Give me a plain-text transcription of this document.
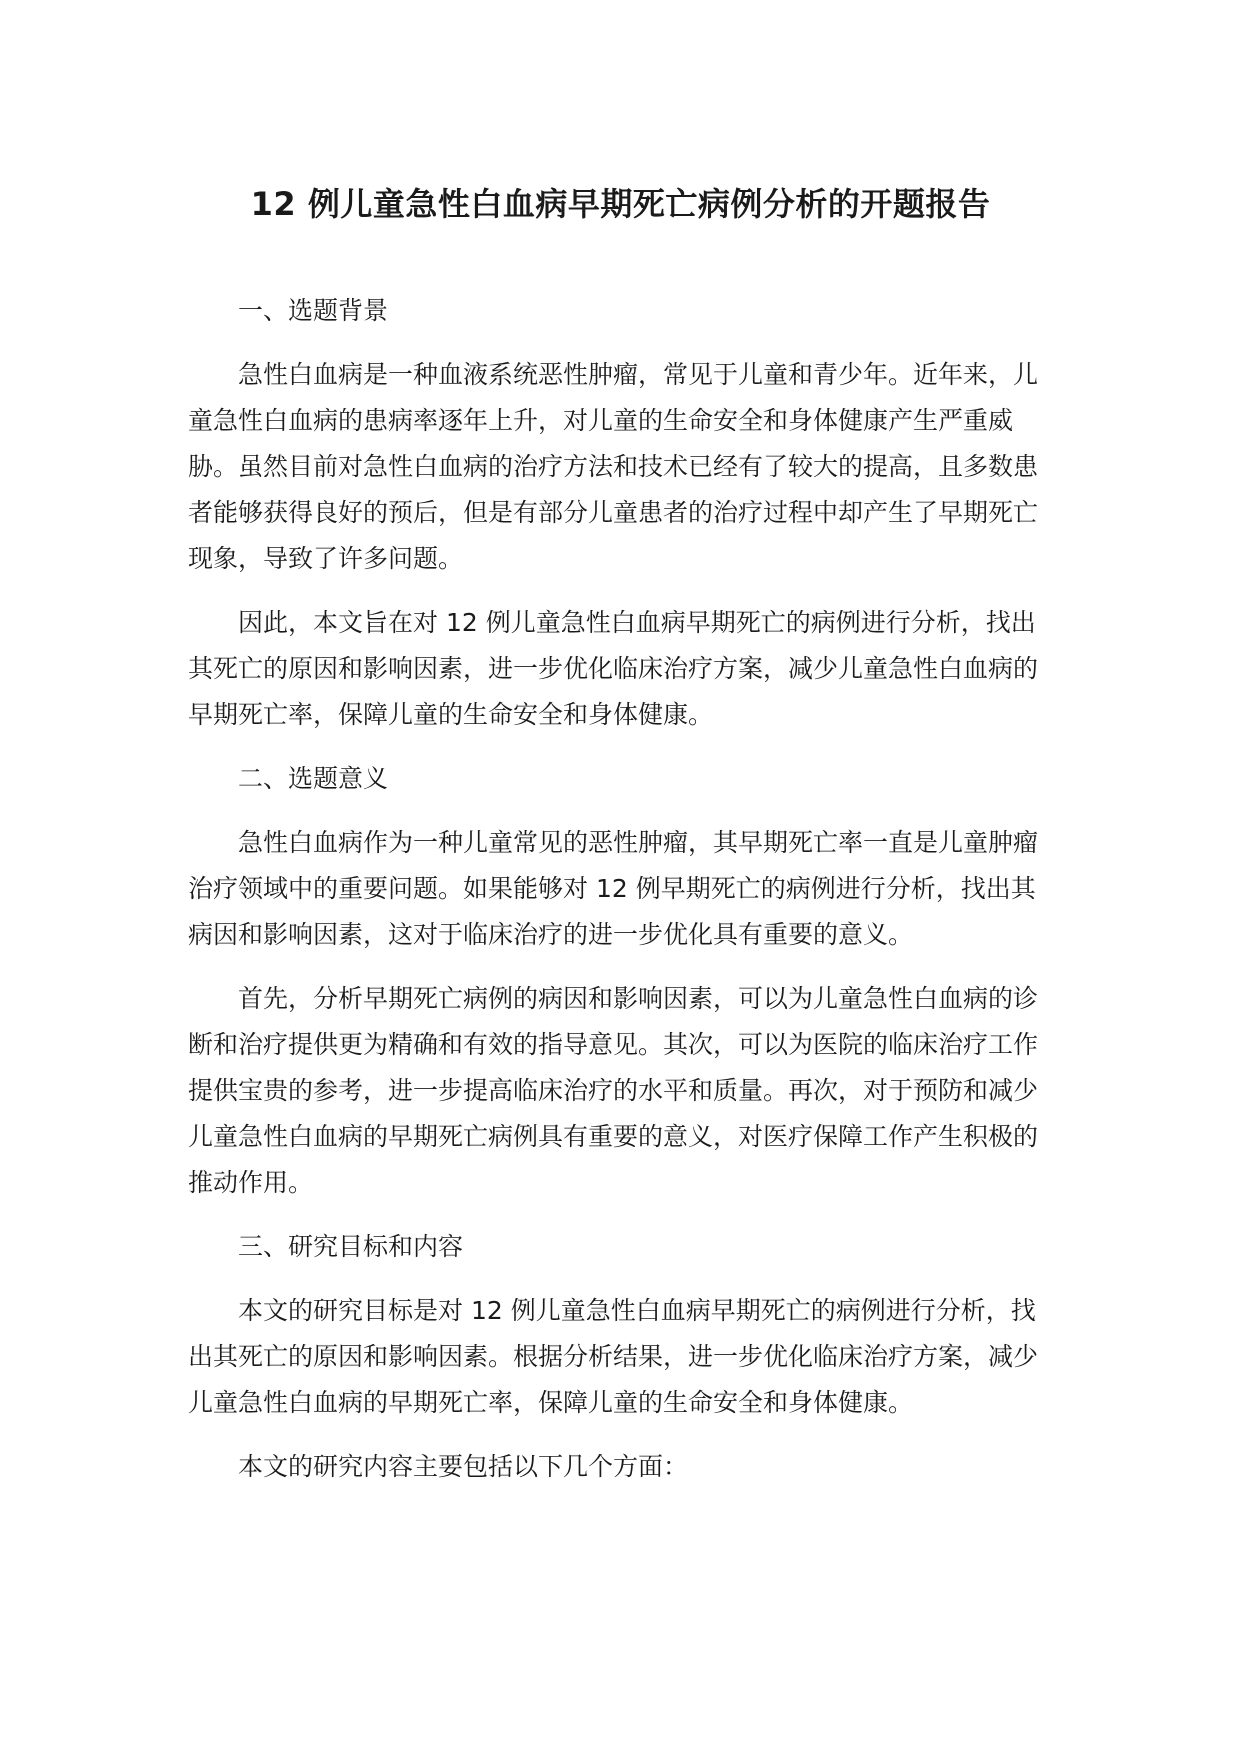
12 例儿童急性白血病早期死亡病例分析的开题报告

一、选题背景

急性白血病是一种血液系统恶性肿瘤，常见于儿童和青少年。近年来，儿童急性白血病的患病率逐年上升，对儿童的生命安全和身体健康产生严重威胁。虽然目前对急性白血病的治疗方法和技术已经有了较大的提高，且多数患者能够获得良好的预后，但是有部分儿童患者的治疗过程中却产生了早期死亡现象，导致了许多问题。

因此，本文旨在对 12 例儿童急性白血病早期死亡的病例进行分析，找出其死亡的原因和影响因素，进一步优化临床治疗方案，减少儿童急性白血病的早期死亡率，保障儿童的生命安全和身体健康。

二、选题意义

急性白血病作为一种儿童常见的恶性肿瘤，其早期死亡率一直是儿童肿瘤治疗领域中的重要问题。如果能够对 12 例早期死亡的病例进行分析，找出其病因和影响因素，这对于临床治疗的进一步优化具有重要的意义。

首先，分析早期死亡病例的病因和影响因素，可以为儿童急性白血病的诊断和治疗提供更为精确和有效的指导意见。其次，可以为医院的临床治疗工作提供宝贵的参考，进一步提高临床治疗的水平和质量。再次，对于预防和减少儿童急性白血病的早期死亡病例具有重要的意义，对医疗保障工作产生积极的推动作用。

三、研究目标和内容

本文的研究目标是对 12 例儿童急性白血病早期死亡的病例进行分析，找出其死亡的原因和影响因素。根据分析结果，进一步优化临床治疗方案，减少儿童急性白血病的早期死亡率，保障儿童的生命安全和身体健康。

本文的研究内容主要包括以下几个方面：
